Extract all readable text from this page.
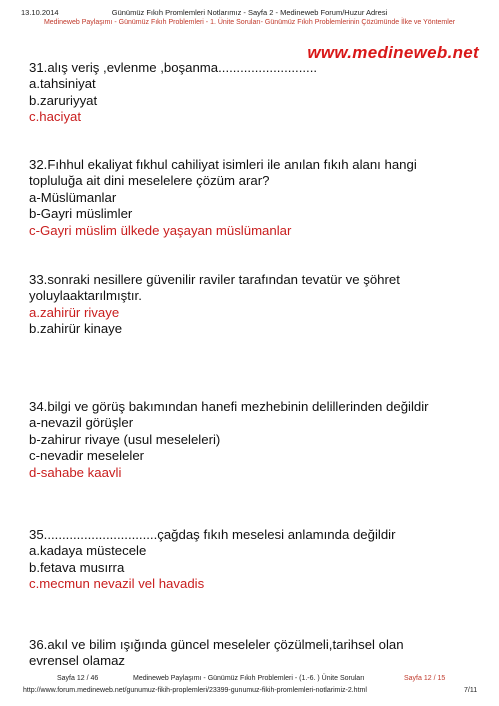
13.10.2014	Günümüz Fıkıh Promlemleri Notlarımız - Sayfa 2 - Medineweb Forum/Huzur Adresi
Medineweb Paylaşımı - Günümüz Fıkıh Problemleri - 1. Ünite Soruları- Günümüz Fıkıh Problemlerinin Çözümünde İlke ve Yöntemler
www.medineweb.net
31.alış veriş ,evlenme ,boşanma...........................
a.tahsiniyat
b.zaruriyyat
c.haciyat
32.Fıhhul ekaliyat fıkhul cahiliyat isimleri ile anılan fıkıh alanı hangi
topluluğa ait dini meselelere çözüm arar?
a-Müslümanlar
b-Gayri müslimler
c-Gayri müslim ülkede yaşayan müslümanlar
33.sonraki nesillere güvenilir raviler tarafından tevatür ve şöhret
yoluylaaktarılmıştır.
a.zahirür rivaye
b.zahirür kinaye
34.bilgi ve görüş bakımından hanefi mezhebinin delillerinden değildir
a-nevazil görüşler
b-zahirur rivaye (usul meseleleri)
c-nevadir meseleler
d-sahabe kaavli
35...............................çağdaş fıkıh meselesi anlamında değildir
a.kadaya müstecele
b.fetava musırra
c.mecmun nevazil vel havadis
36.akıl ve bilim ışığında güncel meseleler çözülmeli,tarihsel olan
evrensel olamaz
Sayfa 12 / 46	Medineweb Paylaşımı - Günümüz Fıkıh Problemleri - (1.-6. ) Ünite Soruları	Sayfa 12 / 15
http://www.forum.medineweb.net/gunumuz-fikih-proplemleri/23399-gunumuz-fikih-promlemleri-notlarimiz-2.html	7/11
